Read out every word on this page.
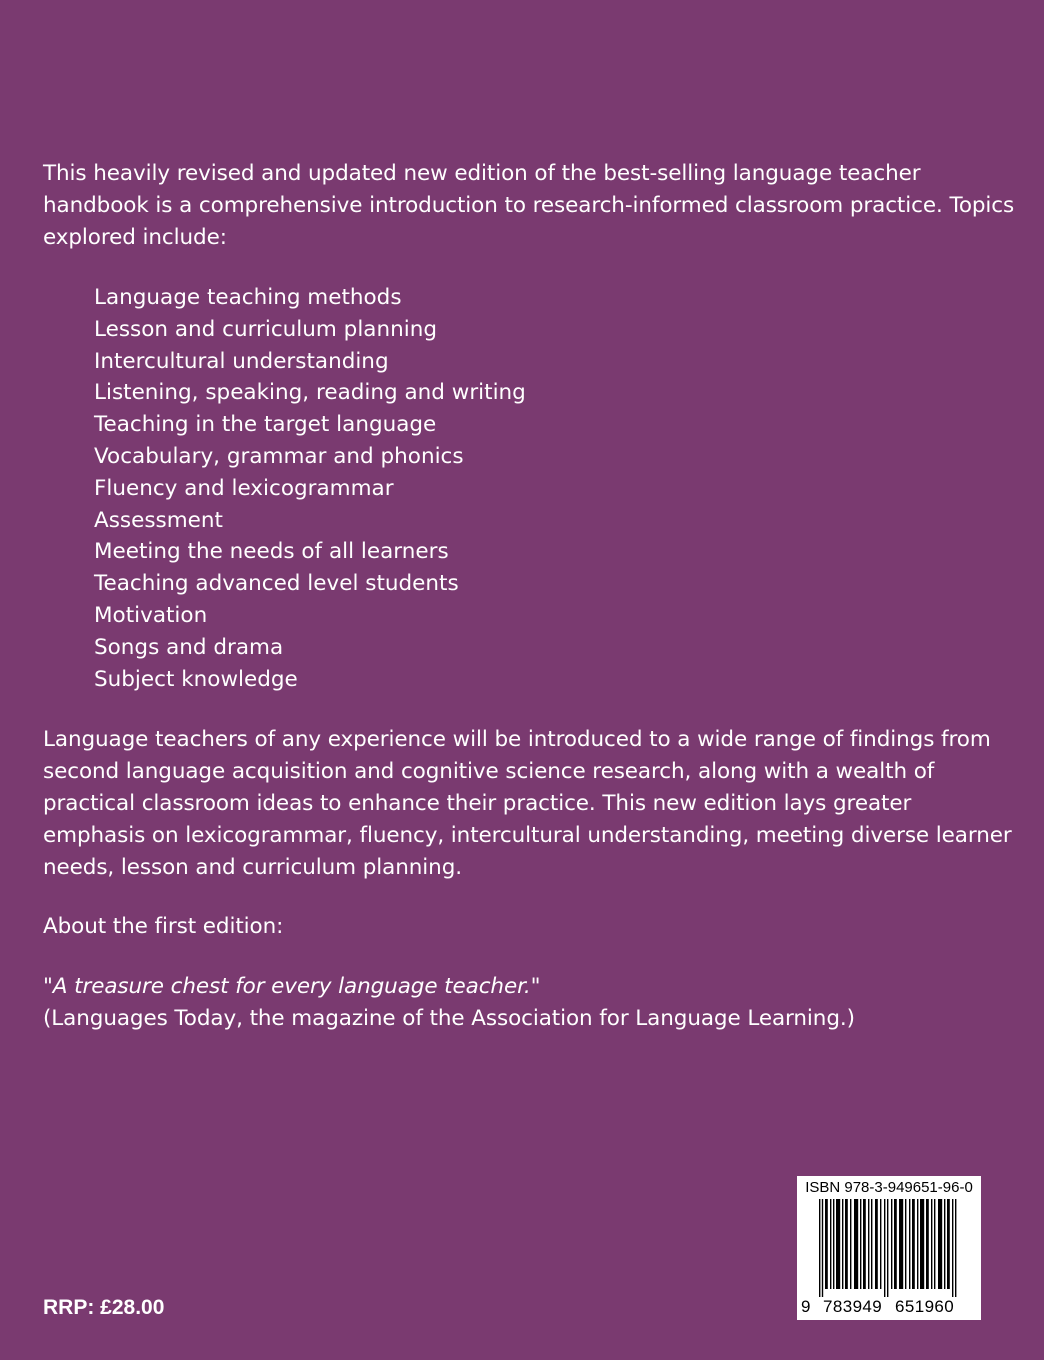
This heavily revised and updated new edition of the best-selling language teacher handbook is a comprehensive introduction to research-informed classroom practice. Topics explored include:

Language teaching methods
Lesson and curriculum planning
Intercultural understanding
Listening, speaking, reading and writing
Teaching in the target language
Vocabulary, grammar and phonics
Fluency and lexicogrammar
Assessment
Meeting the needs of all learners
Teaching advanced level students
Motivation
Songs and drama
Subject knowledge

Language teachers of any experience will be introduced to a wide range of findings from second language acquisition and cognitive science research, along with a wealth of practical classroom ideas to enhance their practice. This new edition lays greater emphasis on lexicogrammar, fluency, intercultural understanding, meeting diverse learner needs, lesson and curriculum planning.

About the first edition:

"A treasure chest for every language teacher."

(Languages Today, the magazine of the Association for Language Learning.)

RRP: £28.00

ISBN 978-3-949651-96-0
9 783949 651960
